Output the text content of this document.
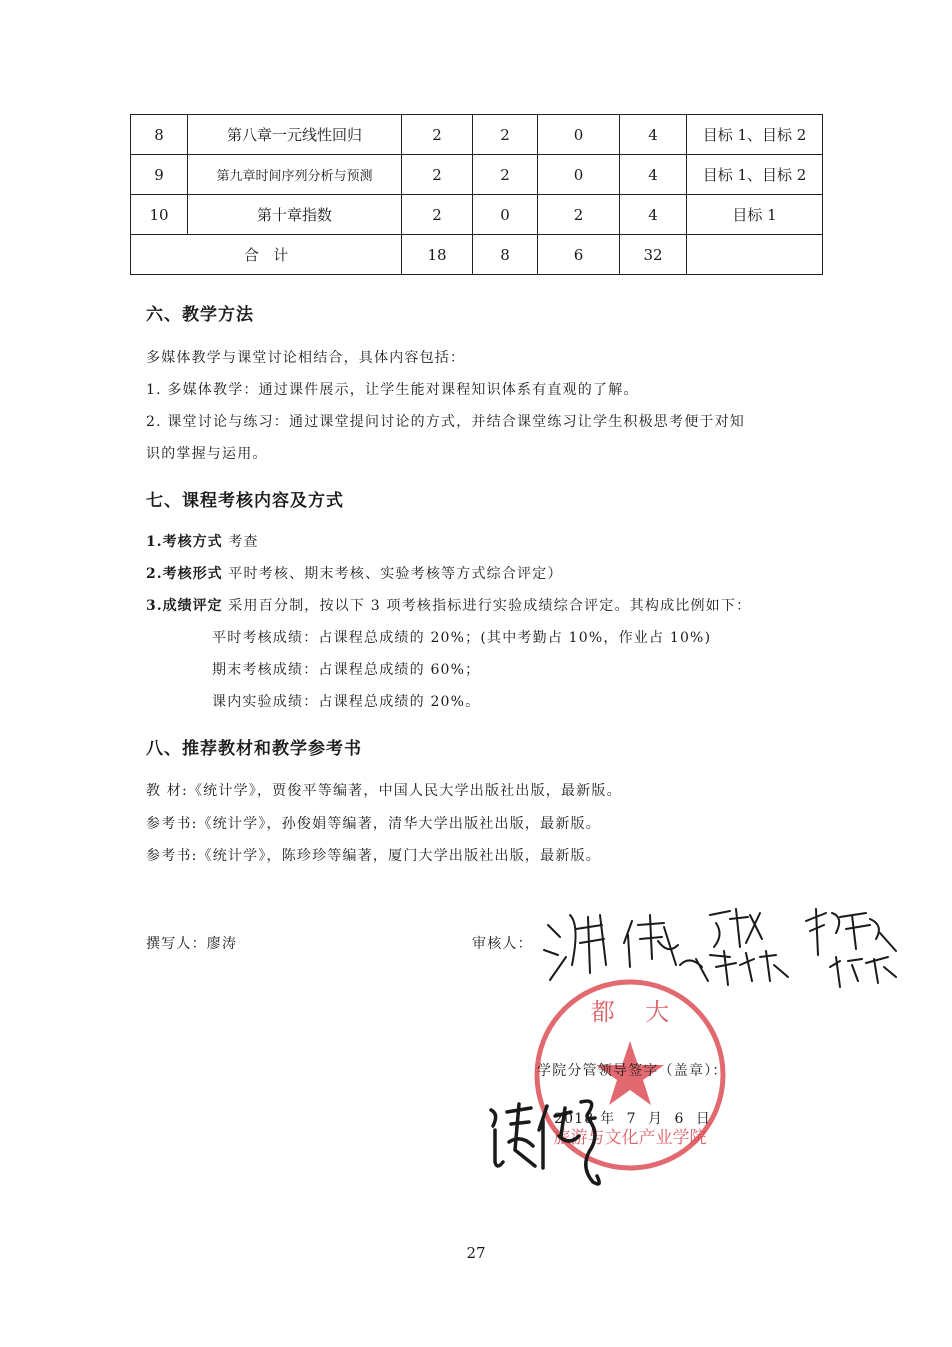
8	第八章一元线性回归	2	2	0	4	目标 1、目标 2
9	第九章时间序列分析与预测	2	2	0	4	目标 1、目标 2
10	第十章指数	2	0	2	4	目标 1
合   计		18	8	6	32	
六、教学方法
多媒体教学与课堂讨论相结合，具体内容包括：
1. 多媒体教学：通过课件展示，让学生能对课程知识体系有直观的了解。
2. 课堂讨论与练习：通过课堂提问讨论的方式，并结合课堂练习让学生积极思考便于对知
识的掌握与运用。
七、课程考核内容及方式
1.考核方式 考查
2.考核形式 平时考核、期末考核、实验考核等方式综合评定）
3.成绩评定 采用百分制，按以下 3 项考核指标进行实验成绩综合评定。其构成比例如下：
平时考核成绩：占课程总成绩的 20%；(其中考勤占 10%，作业占 10%)
期末考核成绩：占课程总成绩的 60%；
课内实验成绩：占课程总成绩的 20%。
八、推荐教材和教学参考书
教 材:《统计学》，贾俊平等编著，中国人民大学出版社出版，最新版。
参考书:《统计学》，孙俊娟等编著，清华大学出版社出版，最新版。
参考书:《统计学》，陈珍珍等编著，厦门大学出版社出版，最新版。
撰写人：廖涛	审核人：
都    大
旅游与文化产业学院
学院分管领导签字（盖章）：
2018 年  7  月  6  日
27
